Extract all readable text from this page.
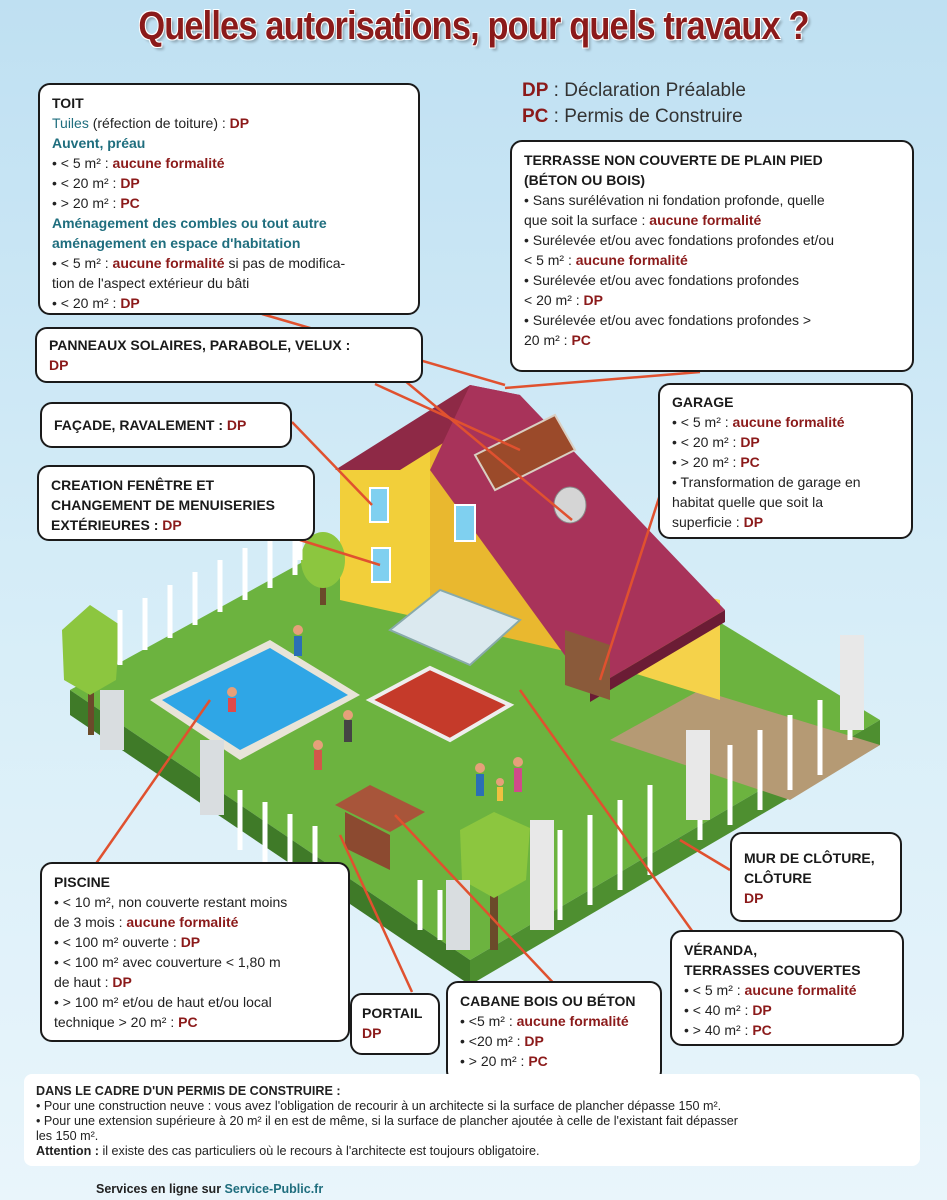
Quelles autorisations, pour quels travaux ?
DP : Déclaration Préalable
PC : Permis de Construire
TOIT
Tuiles (réfection de toiture) : DP
Auvent, préau
• < 5 m² : aucune formalité
• < 20 m² : DP
• > 20 m² : PC
Aménagement des combles ou tout autre
aménagement en espace d'habitation
• < 5 m² : aucune formalité si pas de modifica-
tion de l'aspect extérieur du bâti
• < 20 m² : DP
TERRASSE NON COUVERTE DE PLAIN PIED
(BÉTON OU BOIS)
• Sans surélévation ni fondation profonde, quelle
que soit la surface : aucune formalité
• Surélevée et/ou avec fondations profondes et/ou
< 5 m² : aucune formalité
• Surélevée et/ou avec fondations profondes
< 20 m² : DP
• Surélevée et/ou avec fondations profondes >
20 m² : PC
PANNEAUX SOLAIRES, PARABOLE, VELUX :
DP
FAÇADE, RAVALEMENT : DP
CREATION FENÊTRE ET
CHANGEMENT DE MENUISERIES
EXTÉRIEURES : DP
GARAGE
• < 5 m² : aucune formalité
• < 20 m² : DP
• > 20 m² : PC
• Transformation de garage en
habitat quelle que soit la
superficie : DP
MUR DE CLÔTURE,
CLÔTURE
DP
PISCINE
• < 10 m², non couverte restant moins
de 3 mois : aucune formalité
• < 100 m² ouverte : DP
• < 100 m² avec couverture < 1,80 m
de haut : DP
• > 100 m² et/ou de haut et/ou local
technique > 20 m² : PC
PORTAIL
DP
CABANE BOIS OU BÉTON
• <5 m² : aucune formalité
• <20 m² : DP
• > 20 m² : PC
VÉRANDA,
TERRASSES COUVERTES
• < 5 m² : aucune formalité
• < 40 m² : DP
• > 40 m² : PC
DANS LE CADRE D'UN PERMIS DE CONSTRUIRE :
• Pour une construction neuve : vous avez l'obligation de recourir à un architecte si la surface de plancher dépasse 150 m².
• Pour une extension supérieure à 20 m² il en est de même, si la surface de plancher ajoutée à celle de l'existant fait dépasser
les 150 m².
Attention : il existe des cas particuliers où le recours à l'architecte est toujours obligatoire.
Services en ligne sur Service-Public.fr
